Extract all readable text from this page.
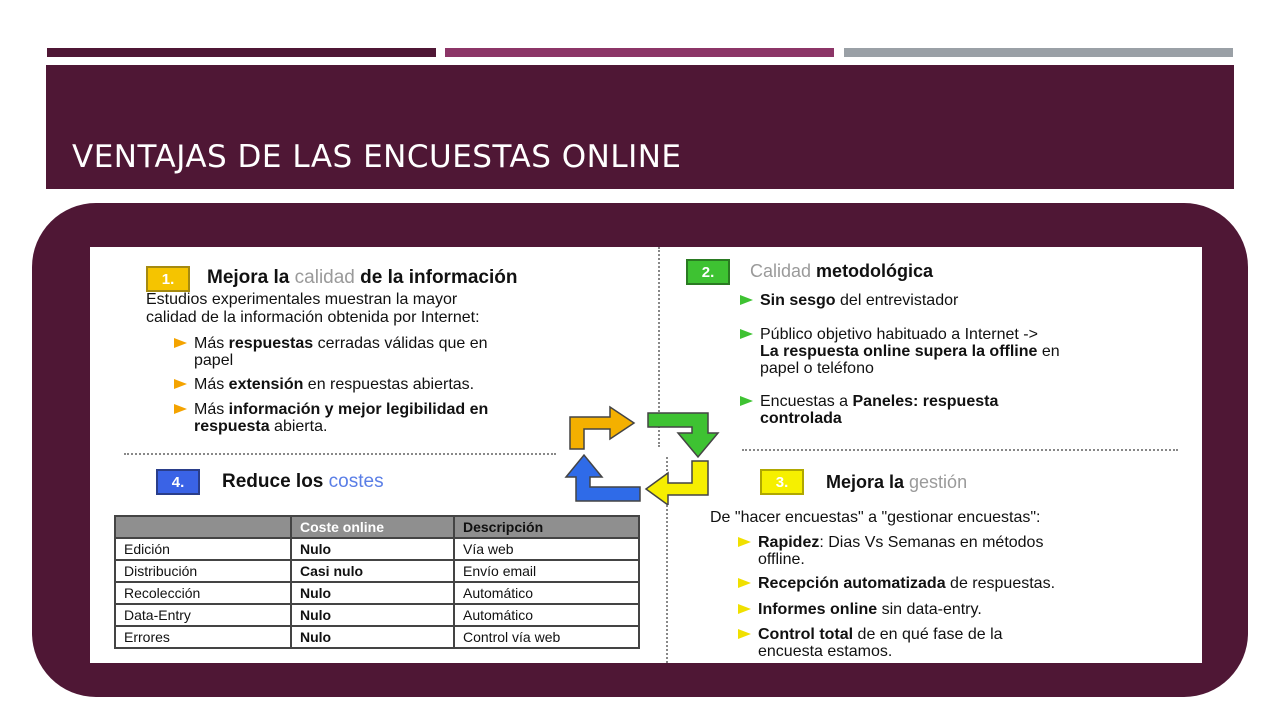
VENTAJAS DE LAS ENCUESTAS ONLINE
1.	Mejora la calidad de la información
Estudios experimentales muestran la mayor
calidad de la información obtenida por Internet:
Más respuestas cerradas válidas que en
papel
Más extensión en respuestas abiertas.
Más información y mejor legibilidad en
respuesta abierta.
2.	Calidad metodológica
Sin sesgo del entrevistador
Público objetivo habituado a Internet ->
La respuesta online supera la offline en
papel o teléfono
Encuestas a Paneles: respuesta
controlada
4.	Reduce los costes
	Coste online	Descripción
Edición	Nulo	Vía web
Distribución	Casi nulo	Envío email
Recolección	Nulo	Automático
Data-Entry	Nulo	Automático
Errores	Nulo	Control vía web
3.	Mejora la gestión
De "hacer encuestas" a "gestionar encuestas":
Rapidez: Dias Vs Semanas en métodos
offline.
Recepción automatizada de respuestas.
Informes online sin data-entry.
Control total de en qué fase de la
encuesta estamos.
